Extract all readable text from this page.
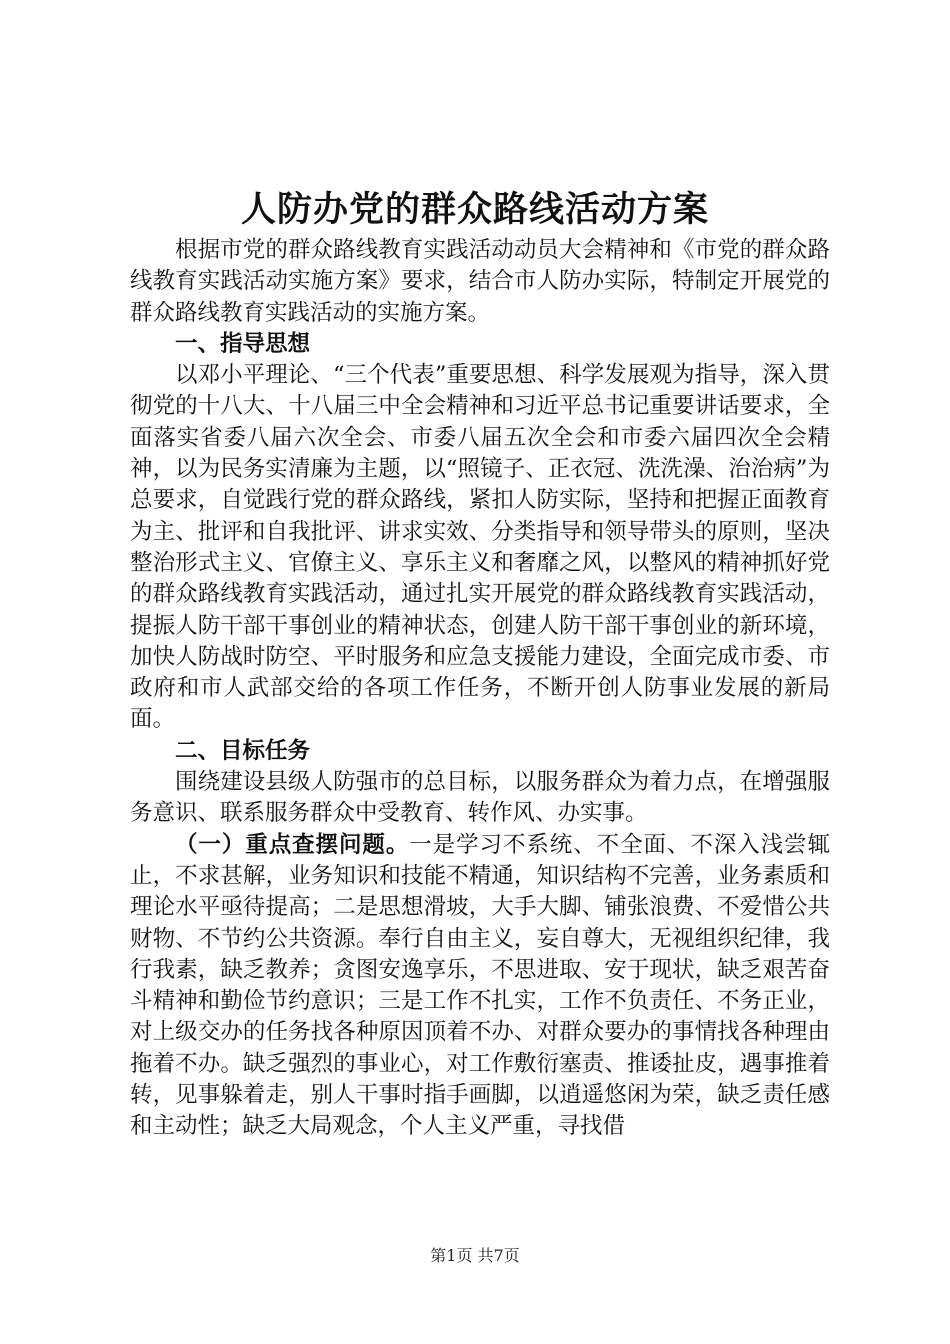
人防办党的群众路线活动方案

根据市党的群众路线教育实践活动动员大会精神和《市党的群众路线教育实践活动实施方案》要求，结合市人防办实际，特制定开展党的群众路线教育实践活动的实施方案。

一、指导思想

以邓小平理论、“三个代表”重要思想、科学发展观为指导，深入贯彻党的十八大、十八届三中全会精神和习近平总书记重要讲话要求，全面落实省委八届六次全会、市委八届五次全会和市委六届四次全会精神，以为民务实清廉为主题，以“照镜子、正衣冠、洗洗澡、治治病”为总要求，自觉践行党的群众路线，紧扣人防实际，坚持和把握正面教育为主、批评和自我批评、讲求实效、分类指导和领导带头的原则，坚决整治形式主义、官僚主义、享乐主义和奢靡之风，以整风的精神抓好党的群众路线教育实践活动，通过扎实开展党的群众路线教育实践活动，提振人防干部干事创业的精神状态，创建人防干部干事创业的新环境，加快人防战时防空、平时服务和应急支援能力建设，全面完成市委、市政府和市人武部交给的各项工作任务，不断开创人防事业发展的新局面。

二、目标任务

围绕建设县级人防强市的总目标，以服务群众为着力点，在增强服务意识、联系服务群众中受教育、转作风、办实事。

（一）重点查摆问题。一是学习不系统、不全面、不深入浅尝辄止，不求甚解，业务知识和技能不精通，知识结构不完善，业务素质和理论水平亟待提高；二是思想滑坡，大手大脚、铺张浪费、不爱惜公共财物、不节约公共资源。奉行自由主义，妄自尊大，无视组织纪律，我行我素，缺乏教养；贪图安逸享乐，不思进取、安于现状，缺乏艰苦奋斗精神和勤俭节约意识；三是工作不扎实，工作不负责任、不务正业，对上级交办的任务找各种原因顶着不办、对群众要办的事情找各种理由拖着不办。缺乏强烈的事业心，对工作敷衍塞责、推诿扯皮，遇事推着转，见事躲着走，别人干事时指手画脚，以逍遥悠闲为荣，缺乏责任感和主动性；缺乏大局观念，个人主义严重，寻找借

第1页 共7页
